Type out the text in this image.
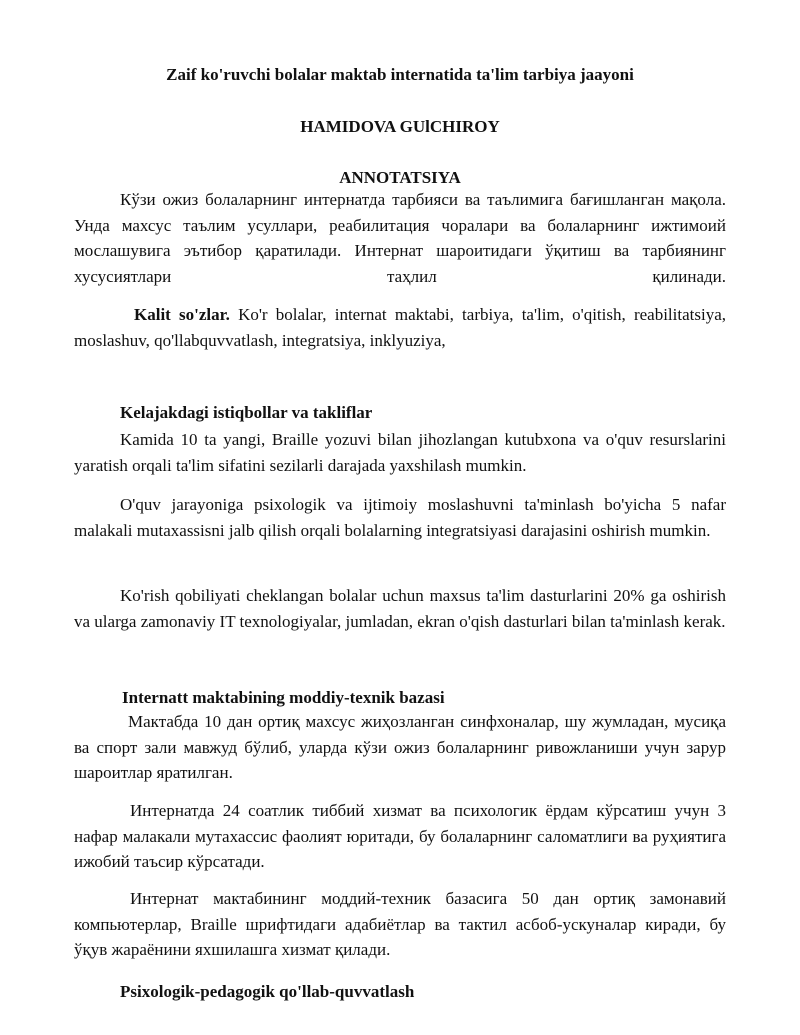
Zaif ko'ruvchi bolalar maktab internatida ta'lim tarbiya jaayoni
HAMIDOVA GUlCHIROY
ANNOTATSIYA

Кўзи ожиз болаларнинг интернатда тарбияси ва таълимига бағишланган мақола. Унда махсус таълим усуллари, реабилитация чоралари ва болаларнинг ижтимоий мослашувига эътибор қаратилади. Интернат шароитидаги ўқитиш ва тарбиянинг хусусиятлари таҳлил қилинади.

Kalit so'zlar. Ko'r bolalar, internat maktabi, tarbiya, ta'lim, o'qitish, reabilitatsiya, moslashuv, qo'llabquvvatlash, integratsiya, inklyuziya,

Kelajakdagi istiqbollar va takliflar

Kamida 10 ta yangi, Braille yozuvi bilan jihozlangan kutubxona va o'quv resurslarini yaratish orqali ta'lim sifatini sezilarli darajada yaxshilash mumkin.

O'quv jarayoniga psixologik va ijtimoiy moslashuvni ta'minlash bo'yicha 5 nafar malakali mutaxassisni jalb qilish orqali bolalarning integratsiyasi darajasini oshirish mumkin.

Ko'rish qobiliyati cheklangan bolalar uchun maxsus ta'lim dasturlarini 20% ga oshirish va ularga zamonaviy IT texnologiyalar, jumladan, ekran o'qish dasturlari bilan ta'minlash kerak.

Internatt maktabining moddiy-texnik bazasi

Мактабда 10 дан ортиқ махсус жиҳозланган синфхоналар, шу жумладан, мусиқа ва спорт зали мавжуд бўлиб, уларда кўзи ожиз болаларнинг ривожланиши учун зарур шароитлар яратилган.

Интернатда 24 соатлик тиббий хизмат ва психологик ёрдам кўрсатиш учун 3 нафар малакали мутахассис фаолият юритади, бу болаларнинг саломатлиги ва руҳиятига ижобий таъсир кўрсатади.

Интернат мактабининг моддий-техник базасига 50 дан ортиқ замонавий компьютерлар, Braille шрифтидаги адабиётлар ва тактил асбоб-ускуналар киради, бу ўқув жараёнини яхшилашга хизмат қилади.

Psixologik-pedagogik qo'llab-quvvatlash
